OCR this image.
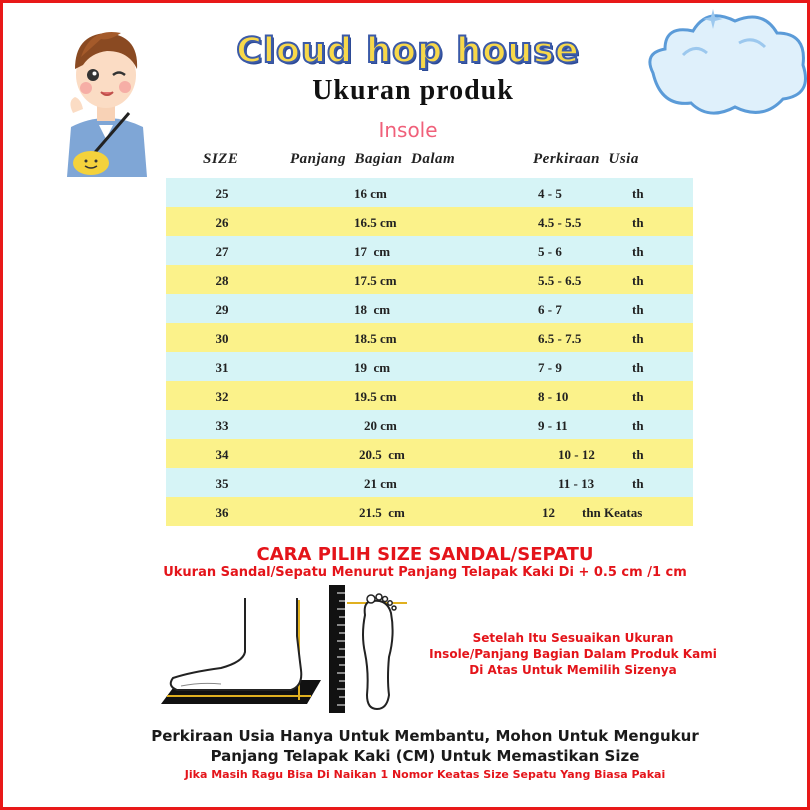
Cloud hop house
Ukuran produk
Insole
SIZE	Panjang  Bagian  Dalam	Perkiraan  Usia
25	16 cm	4 - 5	th
26	16.5 cm	4.5 - 5.5	th
27	17  cm	5 - 6	th
28	17.5 cm	5.5 - 6.5	th
29	18  cm	6 - 7	th
30	18.5 cm	6.5 - 7.5	th
31	19  cm	7 - 9	th
32	19.5 cm	8 - 10	th
33	20 cm	9 - 11	th
34	20.5  cm	10 - 12	th
35	21 cm	11 - 13	th
36	21.5  cm	12	thn Keatas
CARA PILIH SIZE SANDAL/SEPATU
Ukuran Sandal/Sepatu Menurut Panjang Telapak Kaki Di + 0.5 cm /1 cm
Setelah Itu Sesuaikan Ukuran
Insole/Panjang Bagian Dalam Produk Kami
Di Atas Untuk Memilih Sizenya
Perkiraan Usia Hanya Untuk Membantu, Mohon Untuk Mengukur
Panjang Telapak Kaki (CM) Untuk Memastikan Size
Jika Masih Ragu Bisa Di Naikan 1 Nomor Keatas Size Sepatu Yang Biasa Pakai
